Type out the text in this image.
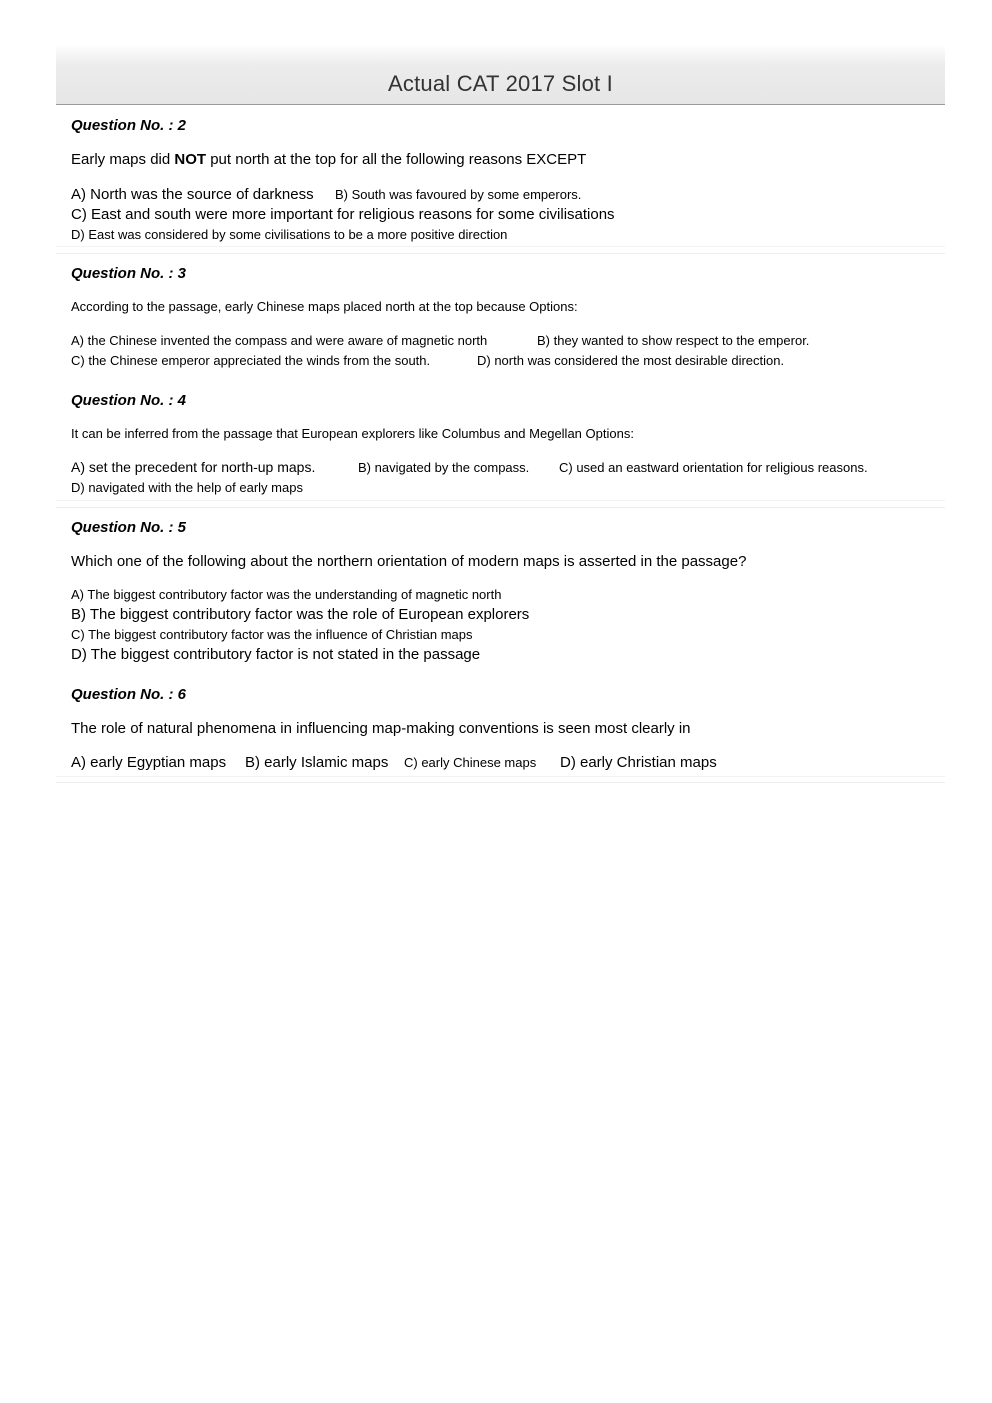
Actual CAT 2017 Slot I
Question No. : 2
Early maps did NOT put north at the top for all the following reasons EXCEPT
A) North was the source of darkness B) South was favoured by some emperors.
C) East and south were more important for religious reasons for some civilisations
D) East was considered by some civilisations to be a more positive direction
Question No. : 3
According to the passage, early Chinese maps placed north at the top because Options:
A) the Chinese invented the compass and were aware of magnetic north	B) they wanted to show respect to the emperor.
C) the Chinese emperor appreciated the winds from the south.	D) north was considered the most desirable direction.
Question No. : 4
It can be inferred from the passage that European explorers like Columbus and Megellan Options:
A) set the precedent for north-up maps.	B) navigated by the compass. C) used an eastward orientation for religious reasons.
D) navigated with the help of early maps
Question No. : 5
Which one of the following about the northern orientation of modern maps is asserted in the passage?
A) The biggest contributory factor was the understanding of magnetic north
B) The biggest contributory factor was the role of European explorers
C) The biggest contributory factor was the influence of Christian maps
D) The biggest contributory factor is not stated in the passage
Question No. : 6
The role of natural phenomena in influencing map-making conventions is seen most clearly in
A) early Egyptian maps B) early Islamic maps C) early Chinese maps D) early Christian maps
